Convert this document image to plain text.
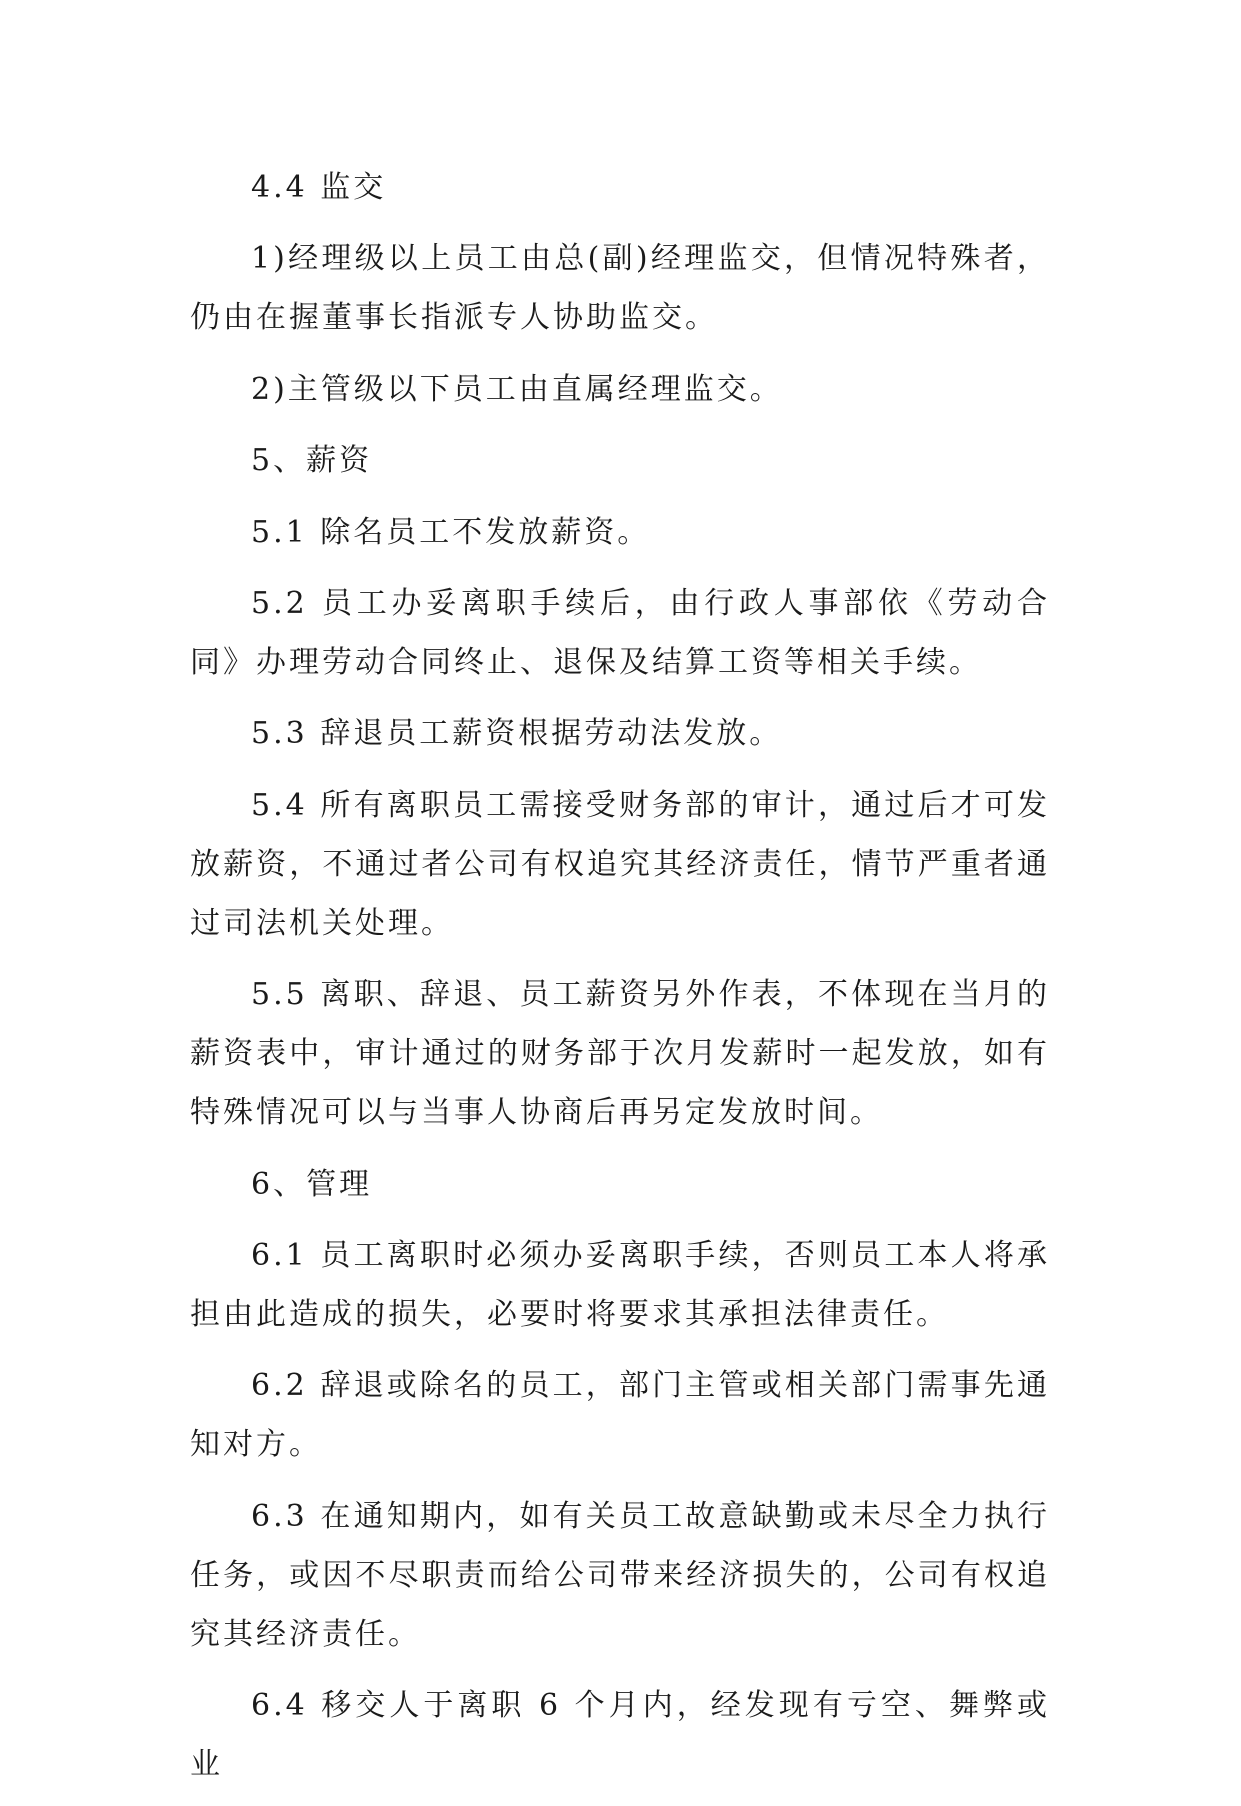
4.4 监交

1)经理级以上员工由总(副)经理监交，但情况特殊者，仍由在握董事长指派专人协助监交。

2)主管级以下员工由直属经理监交。

5、薪资

5.1 除名员工不发放薪资。

5.2 员工办妥离职手续后，由行政人事部依《劳动合同》办理劳动合同终止、退保及结算工资等相关手续。

5.3 辞退员工薪资根据劳动法发放。

5.4 所有离职员工需接受财务部的审计，通过后才可发放薪资，不通过者公司有权追究其经济责任，情节严重者通过司法机关处理。

5.5 离职、辞退、员工薪资另外作表，不体现在当月的薪资表中，审计通过的财务部于次月发薪时一起发放，如有特殊情况可以与当事人协商后再另定发放时间。

6、管理

6.1 员工离职时必须办妥离职手续，否则员工本人将承担由此造成的损失，必要时将要求其承担法律责任。

6.2 辞退或除名的员工，部门主管或相关部门需事先通知对方。

6.3 在通知期内，如有关员工故意缺勤或未尽全力执行任务，或因不尽职责而给公司带来经济损失的，公司有权追究其经济责任。

6.4 移交人于离职 6 个月内，经发现有亏空、舞弊或业
